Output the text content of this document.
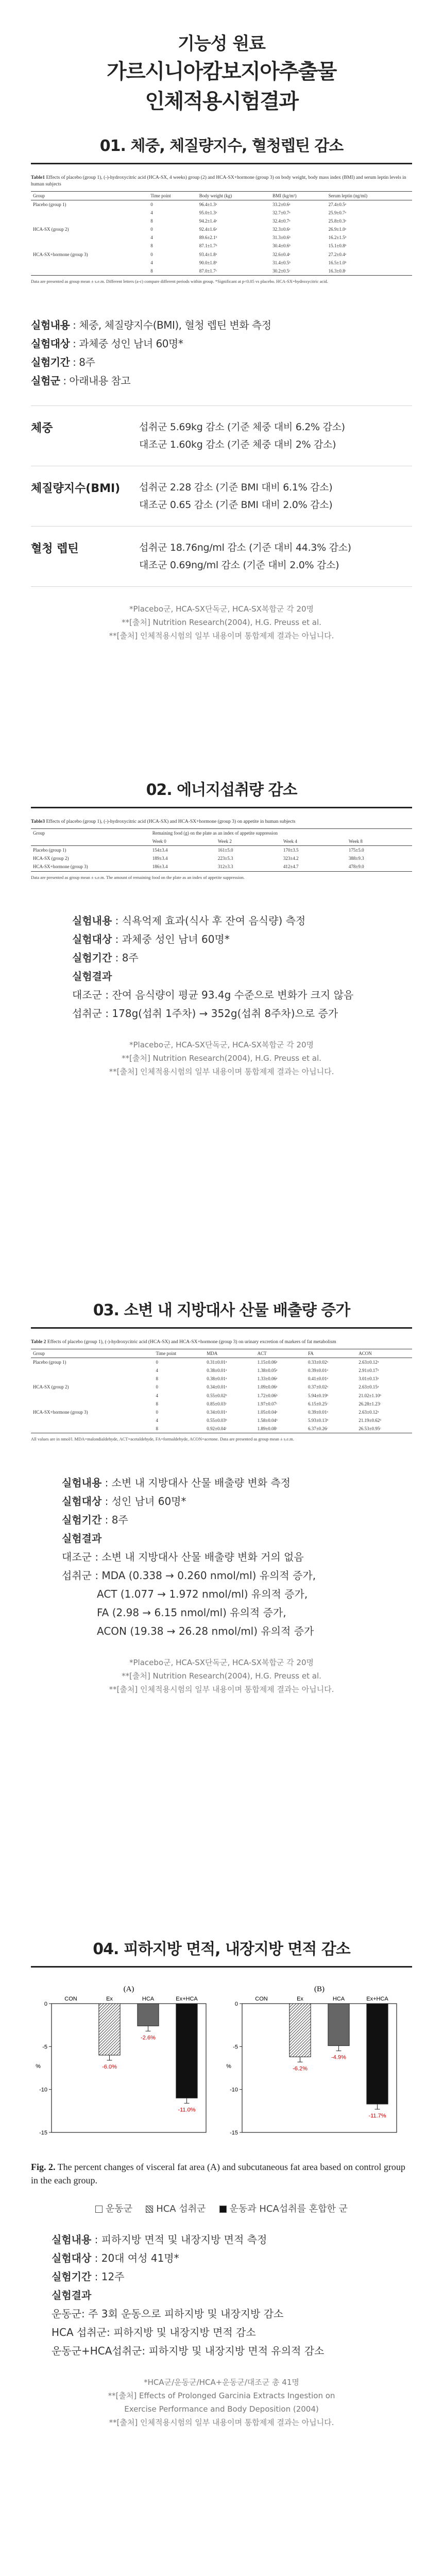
기능성 원료
가르시니아캄보지아추출물
인체적용시험결과
01. 체중, 체질량지수, 혈청렙틴 감소
Table1 Effects of placebo (group 1), (-)-hydroxycitric acid (HCA-SX, 4 weeks) group (2) and HCA-SX+hormone (group 3) on body weight, body mass index (BMI) and serum leptin levels in human subjects
Group	Time point	Body weight (kg)	BMI (kg/m²)	Serum leptin (ng/ml)
Placebo (group 1)	0	96.4±1.3ᵃ	33.2±0.6ᵃ	27.4±0.5ᵃ
	4	95.0±1.3ᵃ	32.7±0.7ᵃ	25.9±0.7ᵃ
	8	94.2±1.4ᵃ	32.4±0.7ᵃ	25.8±0.3ᵃ
HCA-SX (group 2)	0	92.4±1.6ᵃ	32.3±0.6ᵃ	26.9±1.0ᵃ
	4	89.6±2.1ᵇ	31.3±0.6ᵇ	16.2±1.5ᵇ
	8	87.1±1.7ᵇ	30.4±0.6ᵇ	15.1±0.8ᵇ
HCA-SX+hormone (group 3)	0	93.4±1.8ᵃ	32.6±0.4ᵃ	27.2±0.4ᵃ
	4	90.0±1.8ᵇ	31.4±0.5ᵇ	16.5±1.0ᵇ
	8	87.0±1.7ᶜ	30.2±0.5ᶜ	16.3±0.8ᶜ
Data are presented as group mean ± s.e.m. Different letters (a-c) compare different periods within group. *Significant at p<0.05 vs placebo. HCA-SX=hydroxycitric acid.

실험내용 : 체중, 체질량지수(BMI), 혈청 렙틴 변화 측정

실험대상 : 과체중 성인 남녀 60명*

실험기간 : 8주

실험군 : 아래내용 참고

체중	섭취군 5.69kg 감소 (기준 체중 대비 6.2% 감소)
대조군 1.60kg 감소 (기준 체중 대비 2% 감소)
체질량지수(BMI)	섭취군 2.28 감소 (기준 BMI 대비 6.1% 감소)
대조군 0.65 감소 (기준 BMI 대비 2.0% 감소)
혈청 렙틴	섭취군 18.76ng/ml 감소 (기준 대비 44.3% 감소)
대조군 0.69ng/ml 감소 (기준 대비 2.0% 감소)
*Placebo군, HCA-SX단독군, HCA-SX복합군 각 20명
**[출처] Nutrition Research(2004), H.G. Preuss et al.
**[출처] 인체적용시험의 일부 내용이며 통합제제 결과는 아닙니다.
02. 에너지섭취량 감소
Table3 Effects of placebo (group 1), (-)-hydroxycitric acid (HCA-SX) and HCA-SX+hormone (group 3) on appetite in human subjects
Group	Remaining food (g) on the plate as an index of appetite suppression			
	Week 0	Week 2	Week 4	Week 8
Placebo (group 1)	154±3.4	161±5.0	170±3.5	175±5.0
HCA-SX (group 2)	189±3.4	223±5.3	323±4.2	388±9.3
HCA-SX+hormone (group 3)	186±3.4	312±3.3	412±4.7	478±9.0
Data are presented as group mean ± s.e.m. The amount of remaining food on the plate as an index of appetite suppression.

실험내용 : 식욕억제 효과(식사 후 잔여 음식량) 측정

실험대상 : 과체중 성인 남녀 60명*

실험기간 : 8주

실험결과

대조군 : 잔여 음식량이 평균 93.4g 수준으로 변화가 크지 않음

섭취군 : 178g(섭취 1주차) → 352g(섭취 8주차)으로 증가

*Placebo군, HCA-SX단독군, HCA-SX복합군 각 20명
**[출처] Nutrition Research(2004), H.G. Preuss et al.
**[출처] 인체적용시험의 일부 내용이며 통합제제 결과는 아닙니다.
03. 소변 내 지방대사 산물 배출량 증가
Table 2 Effects of placebo (group 1), (-)-hydroxycitric acid (HCA-SX) and HCA-SX+hormone (group 3) on urinary excretion of markers of fat metabolism
Group	Time point	MDA	ACT	FA	ACON
Placebo (group 1)	0	0.31±0.01ᵃ	1.15±0.06ᵃ	0.33±0.02ᵃ	2.63±0.12ᵃ
	4	0.38±0.01ᵃ	1.38±0.05ᵃ	0.39±0.01ᵃ	2.91±0.17ᵃ
	8	0.38±0.01ᵃ	1.33±0.06ᵃ	0.41±0.01ᵃ	3.01±0.13ᵃ
HCA-SX (group 2)	0	0.34±0.01ᵃ	1.09±0.06ᵃ	0.37±0.02ᵃ	2.63±0.15ᵃ
	4	0.55±0.02ᵇ	1.72±0.06ᵇ	5.94±0.19ᵇ	21.02±1.10ᵇ
	8	0.85±0.03ᶜ	1.97±0.07ᶜ	6.15±0.25ᶜ	26.28±1.23ᶜ
HCA-SX+hormone (group 3)	0	0.34±0.01ᵃ	1.05±0.04ᵃ	0.39±0.01ᵃ	2.63±0.12ᵃ
	4	0.55±0.03ᵇ	1.58±0.04ᵇ	5.93±0.13ᵇ	21.19±0.62ᵇ
	8	0.92±0.04ᶜ	1.89±0.08ᶜ	6.37±0.26ᶜ	26.53±0.95ᶜ
All values are in nmol/l. MDA=malondialdehyde, ACT=acetaldehyde, FA=formaldehyde, ACON=acetone. Data are presented as group mean ± s.e.m.

실험내용 : 소변 내 지방대사 산물 배출량 변화 측정

실험대상 : 성인 남녀 60명*

실험기간 : 8주

실험결과

대조군 : 소변 내 지방대사 산물 배출량 변화 거의 없음

섭취군 : MDA (0.338 → 0.260 nmol/ml) 유의적 증가,

ACT (1.077 → 1.972 nmol/ml) 유의적 증가,

FA (2.98 → 6.15 nmol/ml) 유의적 증가,

ACON (19.38 → 26.28 nmol/ml) 유의적 증가

*Placebo군, HCA-SX단독군, HCA-SX복합군 각 20명
**[출처] Nutrition Research(2004), H.G. Preuss et al.
**[출처] 인체적용시험의 일부 내용이며 통합제제 결과는 아닙니다.
04. 피하지방 면적, 내장지방 면적 감소
(A)
0
-5
-10
-15
%
CON	Ex
-6.0%
HCA
-2.6%
Ex+HCA
-11.0%
(B)
0
-5
-10
-15
%
CON	Ex
-6.2%
HCA
-4.9%
Ex+HCA
-11.7%
Fig. 2. The percent changes of visceral fat area (A) and subcutaneous fat area based on control group in the each group.
운동군	HCA 섭취군	운동과 HCA섭취를 혼합한 군

실험내용 : 피하지방 면적 및 내장지방 면적 측정

실험대상 : 20대 여성 41명*

실험기간 : 12주

실험결과

운동군: 주 3회 운동으로 피하지방 및 내장지방 감소

HCA 섭취군: 피하지방 및 내장지방 면적 감소

운동군+HCA섭취군: 피하지방 및 내장지방 면적 유의적 감소

*HCA군/운동군/HCA+운동군/대조군 총 41명
**[출처] Effects of Prolonged Garcinia Extracts Ingestion on
Exercise Performance and Body Deposition (2004)
**[출처] 인체적용시험의 일부 내용이며 통합제제 결과는 아닙니다.
